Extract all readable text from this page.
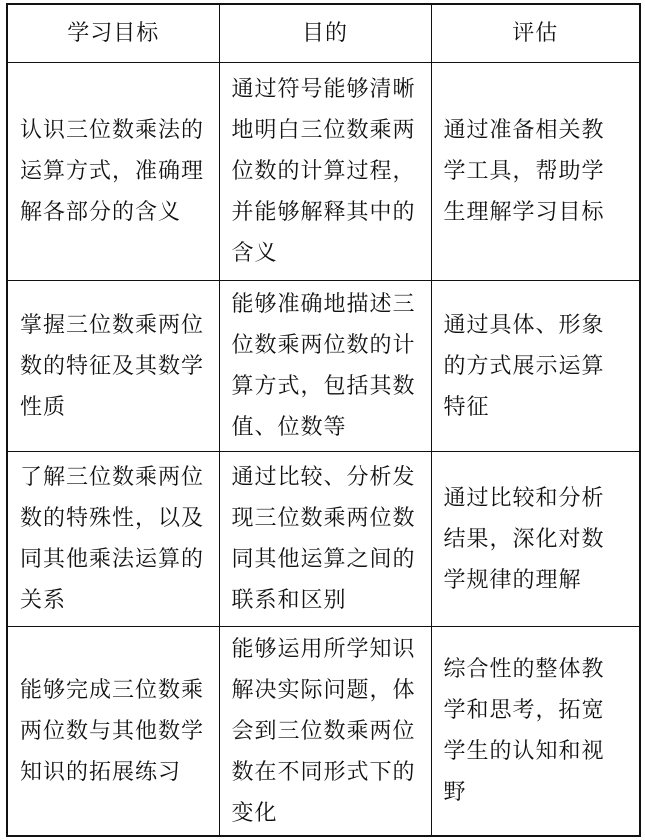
学习目标	目的	评估
认识三位数乘法的运算方式，准确理解各部分的含义	通过符号能够清晰地明白三位数乘两位数的计算过程，并能够解释其中的含义	通过准备相关教学工具，帮助学生理解学习目标
掌握三位数乘两位数的特征及其数学性质	能够准确地描述三位数乘两位数的计算方式，包括其数值、位数等	通过具体、形象的方式展示运算特征
了解三位数乘两位数的特殊性，以及同其他乘法运算的关系	通过比较、分析发现三位数乘两位数同其他运算之间的联系和区别	通过比较和分析结果，深化对数学规律的理解
能够完成三位数乘两位数与其他数学知识的拓展练习	能够运用所学知识解决实际问题，体会到三位数乘两位数在不同形式下的变化	综合性的整体教学和思考，拓宽学生的认知和视野
